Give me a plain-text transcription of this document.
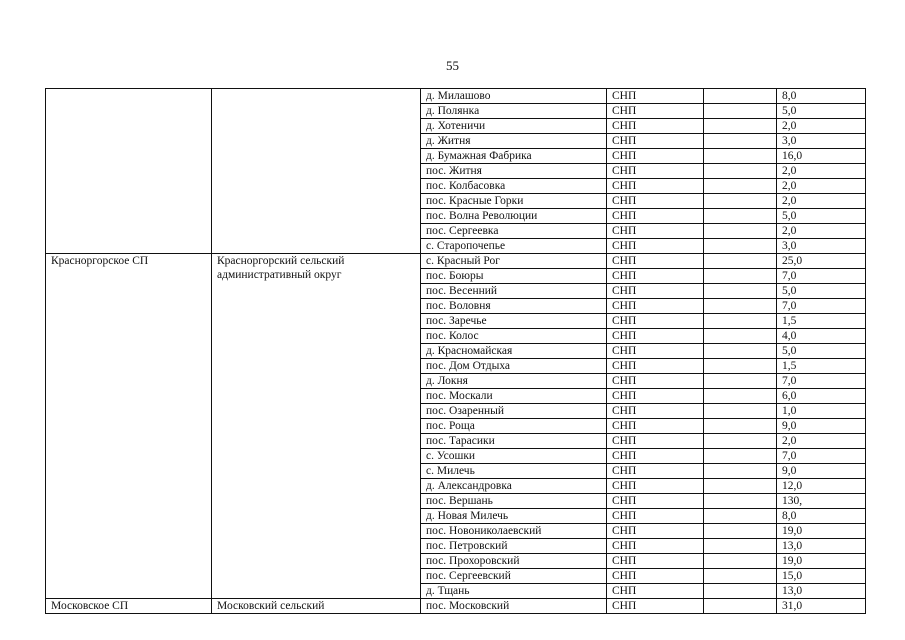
55
		д. Милашово	СНП		8,0
		д. Полянка	СНП		5,0
		д. Хотеничи	СНП		2,0
		д. Житня	СНП		3,0
		д. Бумажная Фабрика	СНП		16,0
		пос. Житня	СНП		2,0
		пос. Колбасовка	СНП		2,0
		пос. Красные Горки	СНП		2,0
		пос. Волна Революции	СНП		5,0
		пос. Сергеевка	СНП		2,0
		с. Старопочепье	СНП		3,0
Красноргорское СП	Красноргорский сельский административный округ	с. Красный Рог	СНП		25,0
		пос. Боюры	СНП		7,0
		пос. Весенний	СНП		5,0
		пос. Воловня	СНП		7,0
		пос. Заречье	СНП		1,5
		пос. Колос	СНП		4,0
		д. Красномайская	СНП		5,0
		пос. Дом Отдыха	СНП		1,5
		д. Локня	СНП		7,0
		пос. Москали	СНП		6,0
		пос. Озаренный	СНП		1,0
		пос. Роща	СНП		9,0
		пос. Тарасики	СНП		2,0
		с. Усошки	СНП		7,0
		с. Милечь	СНП		9,0
		д. Александровка	СНП		12,0
		пос. Вершань	СНП		130,
		д. Новая Милечь	СНП		8,0
		пос. Новониколаевский	СНП		19,0
		пос. Петровский	СНП		13,0
		пос. Прохоровский	СНП		19,0
		пос. Сергеевский	СНП		15,0
		д. Тщань	СНП		13,0
Московское СП	Московский сельский	пос. Московский	СНП		31,0
